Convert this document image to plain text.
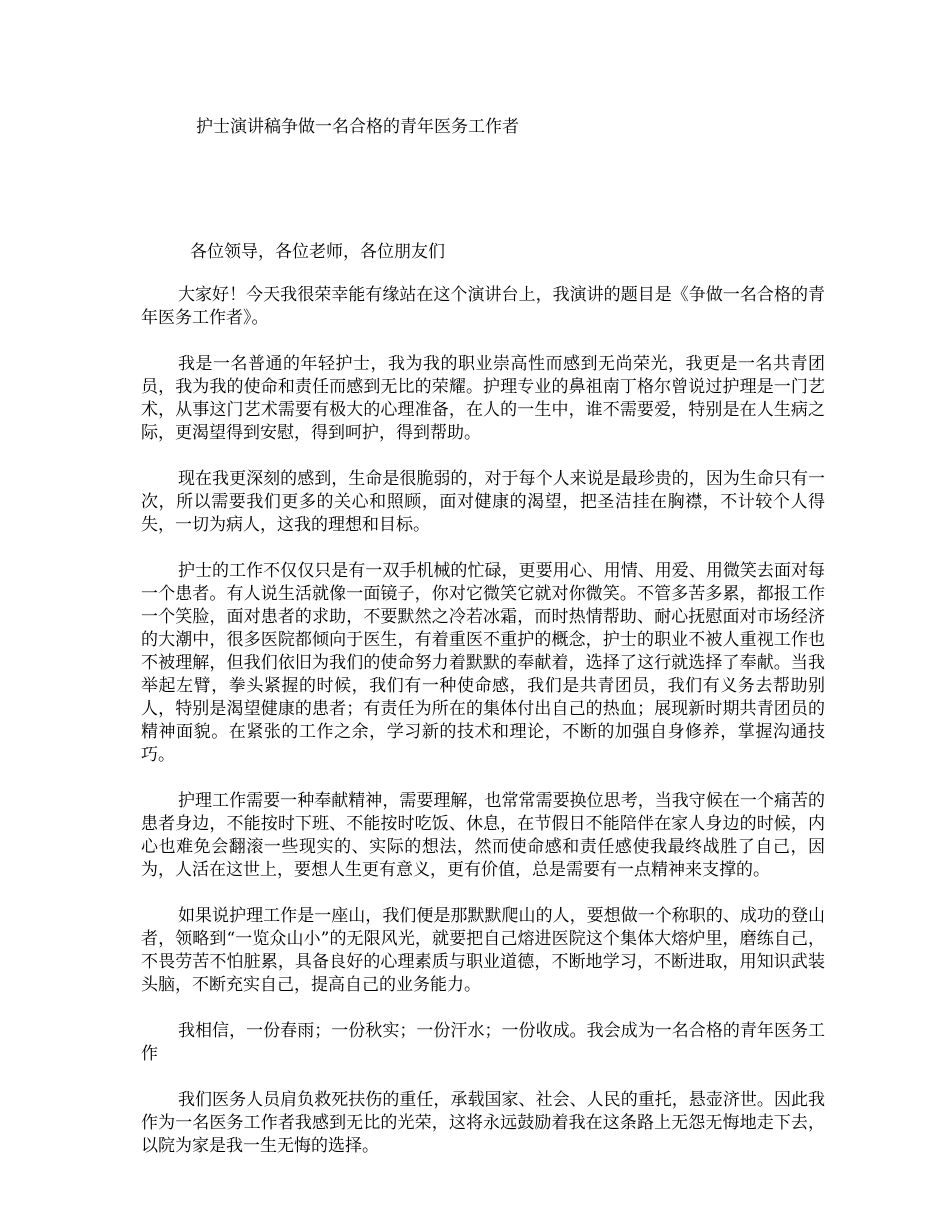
护士演讲稿争做一名合格的青年医务工作者
各位领导，各位老师，各位朋友们

大家好！今天我很荣幸能有缘站在这个演讲台上，我演讲的题目是《争做一名合格的青年医务工作者》。

我是一名普通的年轻护士，我为我的职业崇高性而感到无尚荣光，我更是一名共青团员，我为我的使命和责任而感到无比的荣耀。护理专业的鼻祖南丁格尔曾说过护理是一门艺术，从事这门艺术需要有极大的心理准备，在人的一生中，谁不需要爱，特别是在人生病之际，更渴望得到安慰，得到呵护，得到帮助。

现在我更深刻的感到，生命是很脆弱的，对于每个人来说是最珍贵的，因为生命只有一次，所以需要我们更多的关心和照顾，面对健康的渴望，把圣洁挂在胸襟，不计较个人得失，一切为病人，这我的理想和目标。

护士的工作不仅仅只是有一双手机械的忙碌，更要用心、用情、用爱、用微笑去面对每一个患者。有人说生活就像一面镜子，你对它微笑它就对你微笑。不管多苦多累，都报工作一个笑脸，面对患者的求助，不要默然之冷若冰霜，而时热情帮助、耐心抚慰面对市场经济的大潮中，很多医院都倾向于医生，有着重医不重护的概念，护士的职业不被人重视工作也不被理解，但我们依旧为我们的使命努力着默默的奉献着，选择了这行就选择了奉献。当我举起左臂，拳头紧握的时候，我们有一种使命感，我们是共青团员，我们有义务去帮助别人，特别是渴望健康的患者；有责任为所在的集体付出自己的热血；展现新时期共青团员的精神面貌。在紧张的工作之余，学习新的技术和理论，不断的加强自身修养，掌握沟通技巧。

护理工作需要一种奉献精神，需要理解，也常常需要换位思考，当我守候在一个痛苦的患者身边，不能按时下班、不能按时吃饭、休息，在节假日不能陪伴在家人身边的时候，内心也难免会翻滚一些现实的、实际的想法，然而使命感和责任感使我最终战胜了自己，因为，人活在这世上，要想人生更有意义，更有价值，总是需要有一点精神来支撑的。

如果说护理工作是一座山，我们便是那默默爬山的人，要想做一个称职的、成功的登山者，领略到“一览众山小”的无限风光，就要把自己熔进医院这个集体大熔炉里，磨练自己，不畏劳苦不怕脏累，具备良好的心理素质与职业道德，不断地学习，不断进取，用知识武装头脑，不断充实自己，提高自己的业务能力。

我相信，一份春雨；一份秋实；一份汗水；一份收成。我会成为一名合格的青年医务工作

我们医务人员肩负救死扶伤的重任，承载国家、社会、人民的重托，悬壶济世。因此我作为一名医务工作者我感到无比的光荣，这将永远鼓励着我在这条路上无怨无悔地走下去，以院为家是我一生无悔的选择。
